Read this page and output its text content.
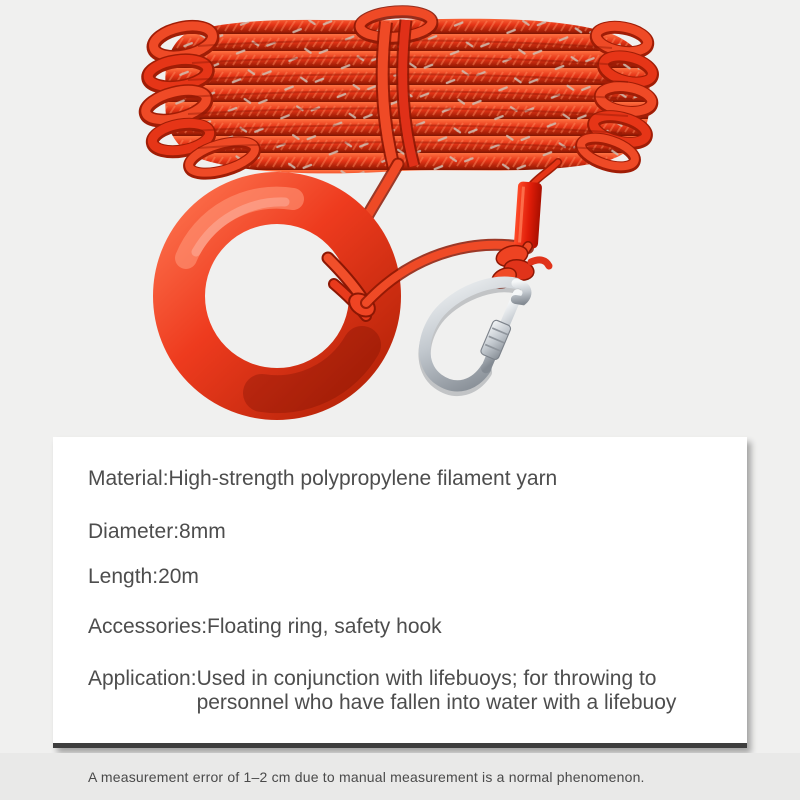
Material: High-strength polypropylene filament yarn
Diameter: 8mm
Length: 20m
Accessories: Floating ring, safety hook
Application: Used in conjunction with lifebuoys; for throwing to personnel who have fallen into water with a lifebuoy
A measurement error of 1–2 cm due to manual measurement is a normal phenomenon.
